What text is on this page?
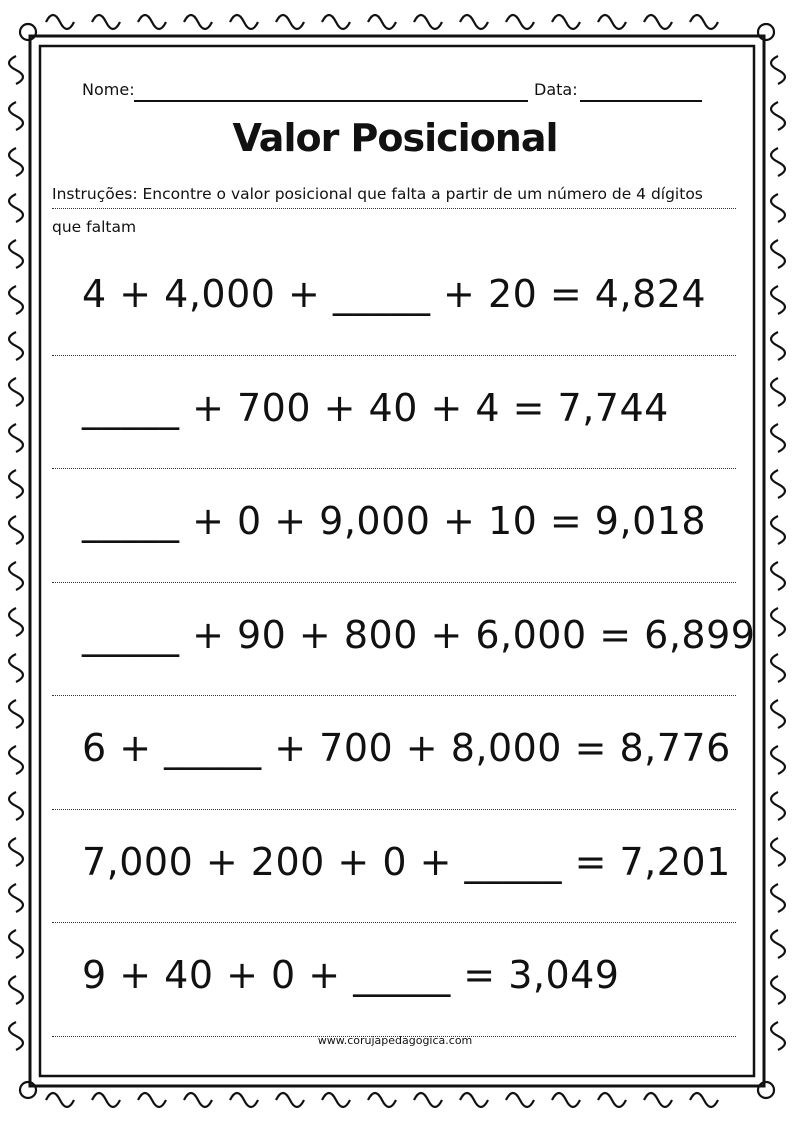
Nome:	Data:
Valor Posicional
Instruções: Encontre o valor posicional que falta a partir de um número de 4 dígitos que faltam
4 + 4,000 + _____ + 20 = 4,824
_____ + 700 + 40 + 4 = 7,744
_____ + 0 + 9,000 + 10 = 9,018
_____ + 90 + 800 + 6,000 = 6,899
6 + _____ + 700 + 8,000 = 8,776
7,000 + 200 + 0 + _____ = 7,201
9 + 40 + 0 + _____ = 3,049
www.corujapedagogica.com
